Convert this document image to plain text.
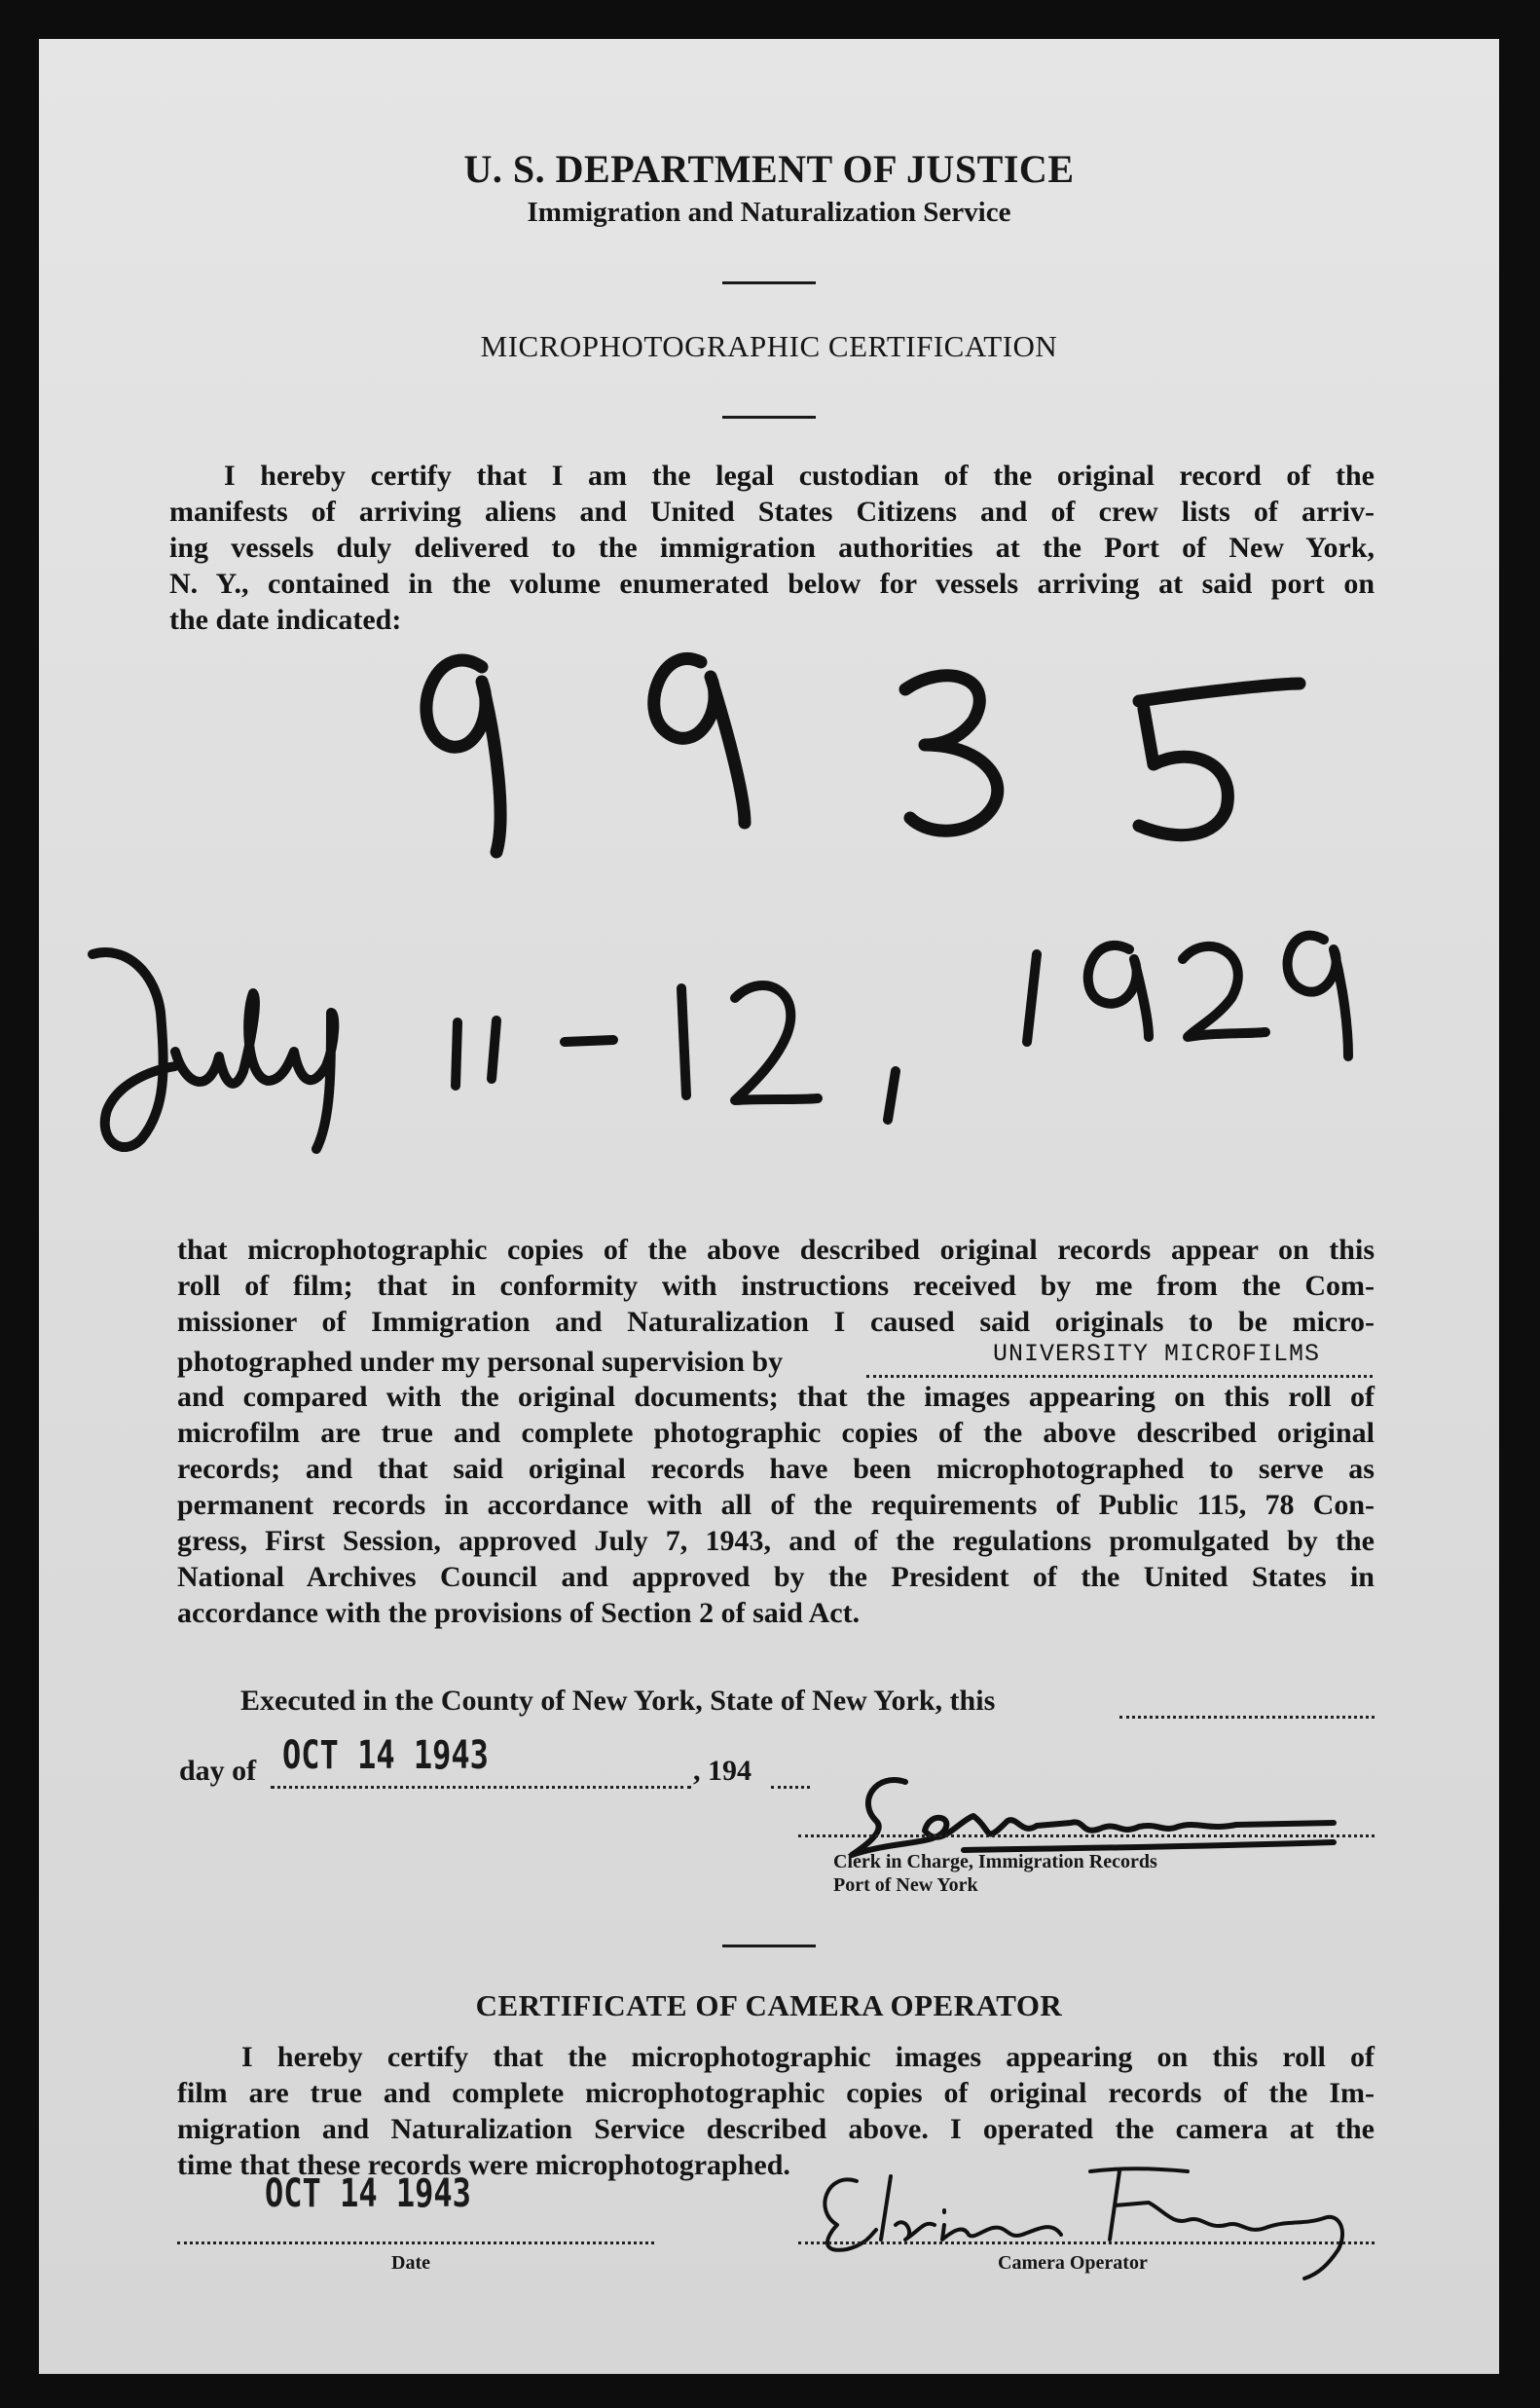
U. S. DEPARTMENT OF JUSTICE
Immigration and Naturalization Service
MICROPHOTOGRAPHIC CERTIFICATION
I hereby certify that I am the legal custodian of the original record of the
manifests of arriving aliens and United States Citizens and of crew lists of arriv-
ing vessels duly delivered to the immigration authorities at the Port of New York,
N. Y., contained in the volume enumerated below for vessels arriving at said port on
the date indicated:
that microphotographic copies of the above described original records appear on this
roll of film; that in conformity with instructions received by me from the Com-
missioner of Immigration and Naturalization I caused said originals to be micro-
photographed under my personal supervision by	UNIVERSITY MICROFILMS
and compared with the original documents; that the images appearing on this roll of
microfilm are true and complete photographic copies of the above described original
records; and that said original records have been microphotographed to serve as
permanent records in accordance with all of the requirements of Public 115, 78 Con-
gress, First Session, approved July 7, 1943, and of the regulations promulgated by the
National Archives Council and approved by the President of the United States in
accordance with the provisions of Section 2 of said Act.
Executed in the County of New York, State of New York, this
day of OCT 14 1943	, 194
Clerk in Charge, Immigration Records
Port of New York
CERTIFICATE OF CAMERA OPERATOR
I hereby certify that the microphotographic images appearing on this roll of
film are true and complete microphotographic copies of original records of the Im-
migration and Naturalization Service described above. I operated the camera at the
time that these records were microphotographed.
OCT 14 1943
Date	Camera Operator
